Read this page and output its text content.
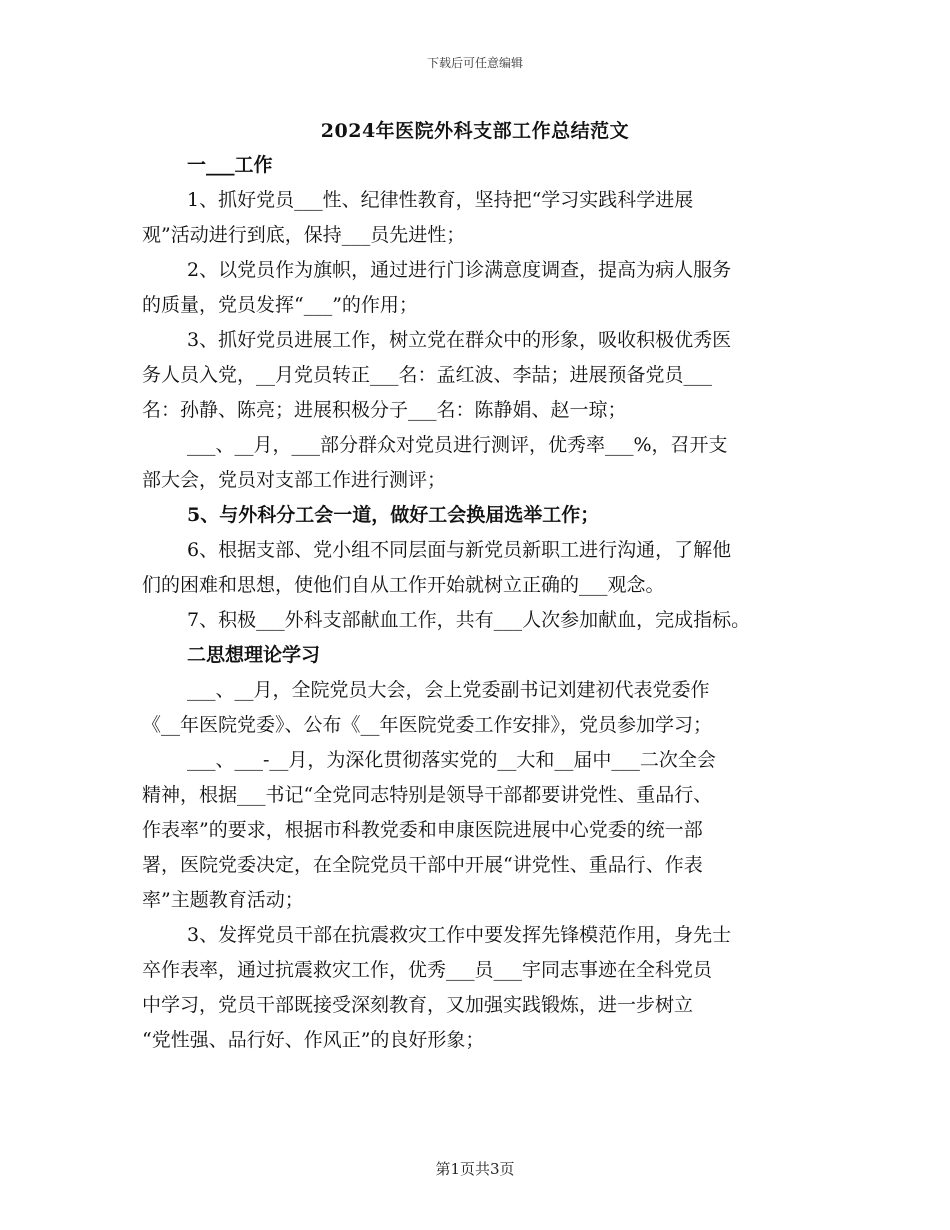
下载后可任意编辑
2024年医院外科支部工作总结范文
一___工作
1、抓好党员___性、纪律性教育，坚持把“学习实践科学进展
观”活动进行到底，保持___员先进性；
2、以党员作为旗帜，通过进行门诊满意度调查，提高为病人服务
的质量，党员发挥“___”的作用；
3、抓好党员进展工作，树立党在群众中的形象，吸收积极优秀医
务人员入党，__月党员转正___名：孟红波、李喆；进展预备党员___
名：孙静、陈亮；进展积极分子___名：陈静娟、赵一琼；
___、__月，___部分群众对党员进行测评，优秀率___%，召开支
部大会，党员对支部工作进行测评；
5、与外科分工会一道，做好工会换届选举工作；
6、根据支部、党小组不同层面与新党员新职工进行沟通，了解他
们的困难和思想，使他们自从工作开始就树立正确的___观念。
7、积极___外科支部献血工作，共有___人次参加献血，完成指标。
二思想理论学习
___、__月，全院党员大会，会上党委副书记刘建初代表党委作
《__年医院党委》、公布《__年医院党委工作安排》，党员参加学习；
___、___-__月，为深化贯彻落实党的__大和__届中___二次全会
精神，根据___书记“全党同志特别是领导干部都要讲党性、重品行、
作表率”的要求，根据市科教党委和申康医院进展中心党委的统一部
署，医院党委决定，在全院党员干部中开展“讲党性、重品行、作表
率”主题教育活动；
3、发挥党员干部在抗震救灾工作中要发挥先锋模范作用，身先士
卒作表率，通过抗震救灾工作，优秀___员___宇同志事迹在全科党员
中学习，党员干部既接受深刻教育，又加强实践锻炼，进一步树立
“党性强、品行好、作风正”的良好形象；
第1页共3页
